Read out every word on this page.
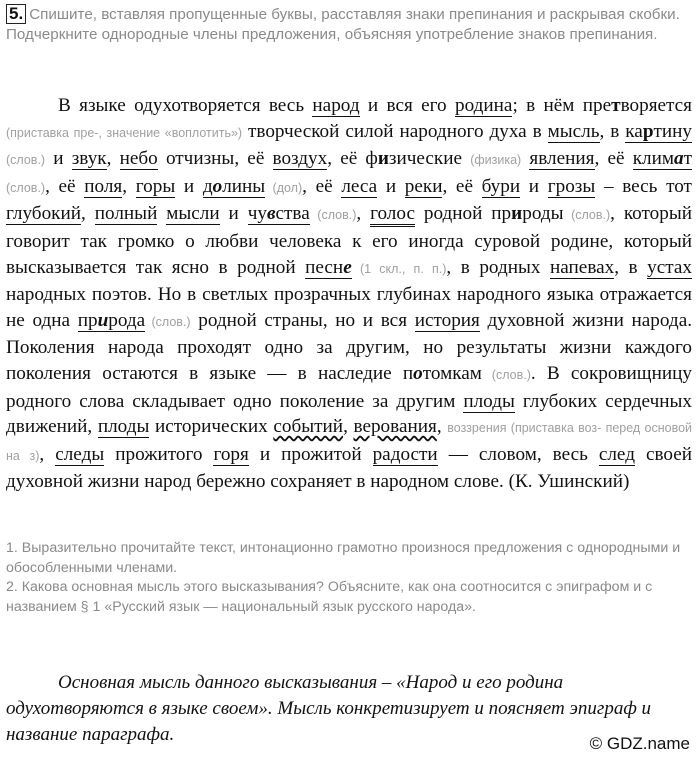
5. Спишите, вставляя пропущенные буквы, расставляя знаки препинания и раскрывая скобки. Подчеркните однородные члены предложения, объясняя употребление знаков препинания.

В языке одухотворяется весь народ и вся его родина; в нём претворяется (приставка пре-, значение «воплотить») творческой силой народного духа в мысль, в картину (слов.) и звук, небо отчизны, её воздух, её физические (физика) явления, её климат (слов.), её поля, горы и долины (дол), её леса и реки, её бури и грозы – весь тот глубокий, полный мысли и чувства (слов.), голос родной природы (слов.), который говорит так громко о любви человека к его иногда суровой родине, который высказывается так ясно в родной песне (1 скл., п. п.), в родных напевах, в устах народных поэтов. Но в светлых прозрачных глубинах народного языка отражается не одна природа (слов.) родной страны, но и вся история духовной жизни народа. Поколения народа проходят одно за другим, но результаты жизни каждого поколения остаются в языке — в наследие потомкам (слов.). В сокровищницу родного слова складывает одно поколение за другим плоды глубоких сердечных движений, плоды исторических событий, верования, воззрения (приставка воз- перед основой на з), следы прожитого горя и прожитой радости — словом, весь след своей духовной жизни народ бережно сохраняет в народном слове. (К. Ушинский)

1. Выразительно прочитайте текст, интонационно грамотно произнося предложения с однородными и обособленными членами.
2. Какова основная мысль этого высказывания? Объясните, как она соотносится с эпиграфом и с названием § 1 «Русский язык — национальный язык русского народа».

Основная мысль данного высказывания – «Народ и его родина одухотворяются в языке своем». Мысль конкретизирует и поясняет эпиграф и название параграфа.	© GDZ.name
